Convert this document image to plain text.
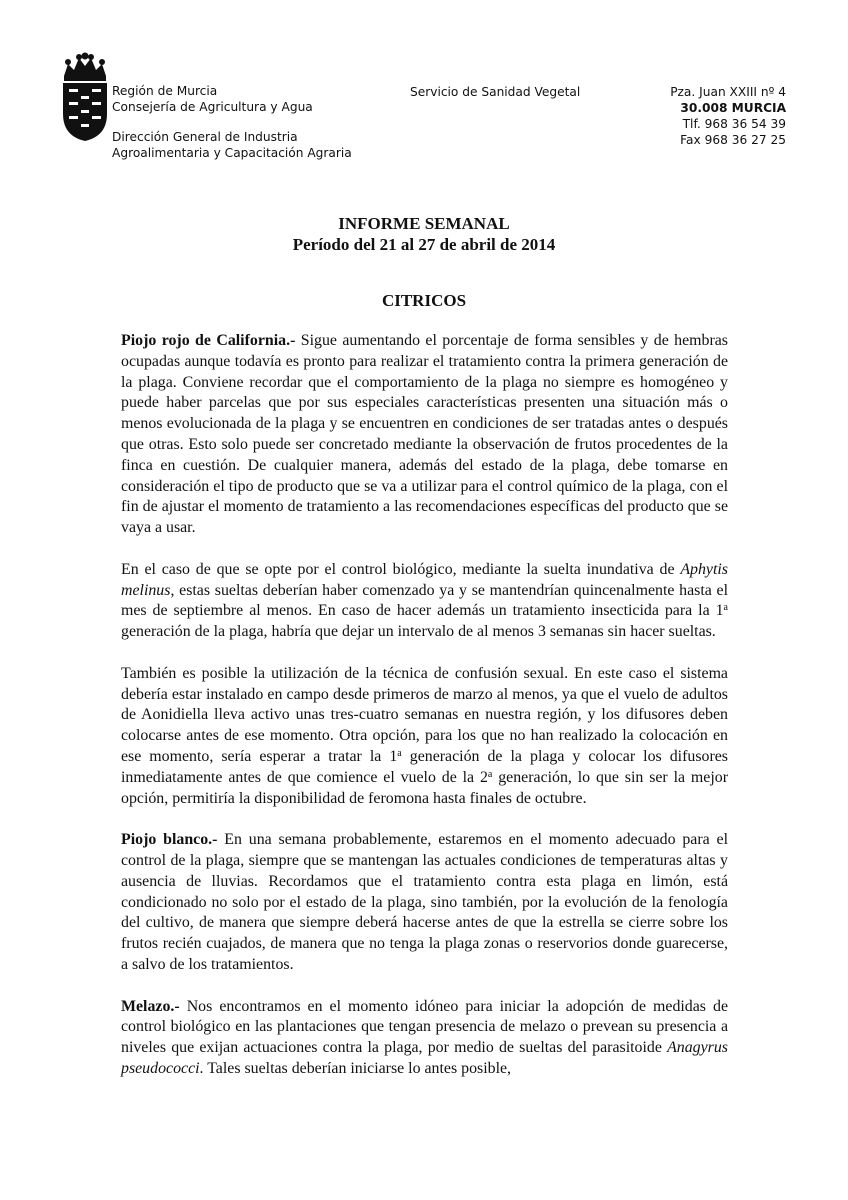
Región de Murcia
Consejería de Agricultura y Agua
Dirección General de Industria
Agroalimentaria y Capacitación Agraria
Servicio de Sanidad Vegetal	Pza. Juan XXIII nº 4
30.008 MURCIA
Tlf. 968 36 54 39
Fax 968 36 27 25
INFORME SEMANAL
Período del 21 al 27 de abril de 2014
CITRICOS

Piojo rojo de California.- Sigue aumentando el porcentaje de forma sensibles y de hembras ocupadas aunque todavía es pronto para realizar el tratamiento contra la primera generación de la plaga. Conviene recordar que el comportamiento de la plaga no siempre es homogéneo y puede haber parcelas que por sus especiales características presenten una situación más o menos evolucionada de la plaga y se encuentren en condiciones de ser tratadas antes o después que otras. Esto solo puede ser concretado mediante la observación de frutos procedentes de la finca en cuestión. De cualquier manera, además del estado de la plaga, debe tomarse en consideración el tipo de producto que se va a utilizar para el control químico de la plaga, con el fin de ajustar el momento de tratamiento a las recomendaciones específicas del producto que se vaya a usar.

En el caso de que se opte por el control biológico, mediante la suelta inundativa de Aphytis melinus, estas sueltas deberían haber comenzado ya y se mantendrían quincenalmente hasta el mes de septiembre al menos. En caso de hacer además un tratamiento insecticida para la 1$^a$ generación de la plaga, habría que dejar un intervalo de al menos 3 semanas sin hacer sueltas.

También es posible la utilización de la técnica de confusión sexual. En este caso el sistema debería estar instalado en campo desde primeros de marzo al menos, ya que el vuelo de adultos de Aonidiella lleva activo unas tres-cuatro semanas en nuestra región, y los difusores deben colocarse antes de ese momento. Otra opción, para los que no han realizado la colocación en ese momento, sería esperar a tratar la 1$^a$ generación de la plaga y colocar los difusores inmediatamente antes de que comience el vuelo de la 2$^a$ generación, lo que sin ser la mejor opción, permitiría la disponibilidad de feromona hasta finales de octubre.

Piojo blanco.- En una semana probablemente, estaremos en el momento adecuado para el control de la plaga, siempre que se mantengan las actuales condiciones de temperaturas altas y ausencia de lluvias. Recordamos que el tratamiento contra esta plaga en limón, está condicionado no solo por el estado de la plaga, sino también, por la evolución de la fenología del cultivo, de manera que siempre deberá hacerse antes de que la estrella se cierre sobre los frutos recién cuajados, de manera que no tenga la plaga zonas o reservorios donde guarecerse, a salvo de los tratamientos.

Melazo.- Nos encontramos en el momento idóneo para iniciar la adopción de medidas de control biológico en las plantaciones que tengan presencia de melazo o prevean su presencia a niveles que exijan actuaciones contra la plaga, por medio de sueltas del parasitoide Anagyrus pseudococci. Tales sueltas deberían iniciarse lo antes posible,
